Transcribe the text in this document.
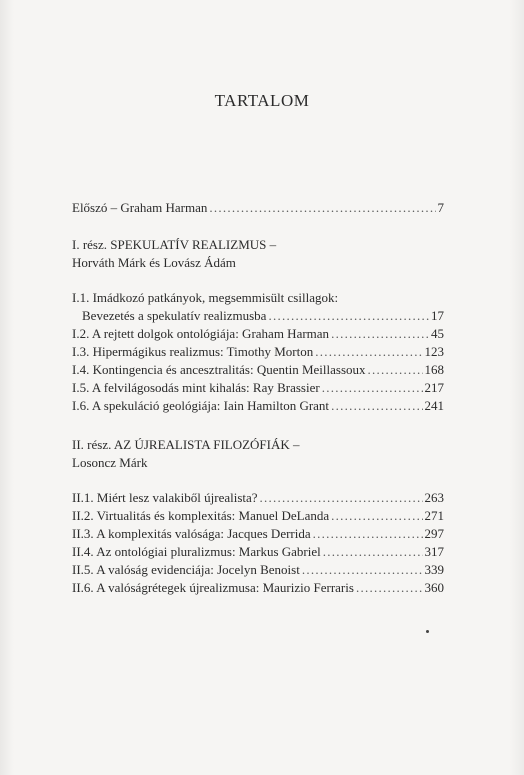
TARTALOM
Előszó – Graham Harman . . .	7
I. rész. SPEKULATÍV REALIZMUS –
Horváth Márk és Lovász Ádám
I.1. Imádkozó patkányok, megsemmisült csillagok:
Bevezetés a spekulatív realizmusba . . .	17
I.2. A rejtett dolgok ontológiája: Graham Harman . . .	45
I.3. Hipermágikus realizmus: Timothy Morton . . .	123
I.4. Kontingencia és ancesztralitás: Quentin Meillassoux . . .	168
I.5. A felvilágosodás mint kihalás: Ray Brassier . . .	217
I.6. A spekuláció geológiája: Iain Hamilton Grant . . .	241
II. rész. AZ ÚJREALISTA FILOZÓFIÁK –
Losoncz Márk
II.1. Miért lesz valakiből újrealista? . . .	263
II.2. Virtualitás és komplexitás: Manuel DeLanda . . .	271
II.3. A komplexitás valósága: Jacques Derrida . . .	297
II.4. Az ontológiai pluralizmus: Markus Gabriel . . .	317
II.5. A valóság evidenciája: Jocelyn Benoist . . .	339
II.6. A valóságrétegek újrealizmusa: Maurizio Ferraris . . .	360
